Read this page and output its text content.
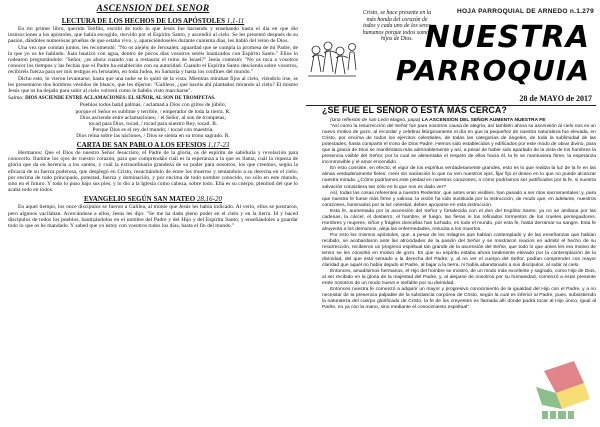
ASCENSIÓN DEL SEÑOR
LECTURA DE LOS HECHOS DE LOS APÓSTOLES 1,1-11

En mi primer libro, querido Teófilo, escribí de todo lo que Jesús fue haciendo y enseñando hasta el día en que dio instrucciones a los apóstoles, que había escogido, movido por el Espíritu Santo, y ascendió al cielo. Se les presentó después de su pasión, dándoles numerosas pruebas de que estaba vivo, y, apareciéndoseles durante cuarenta días, les habló del reino de Dios.

Una vez que comían juntos, les recomendó: "No os alejéis de Jerusalén; aguardad que se cumpla la promesa de mi Padre, de la que yo os he hablado. Juan bautizó con agua, dentro de pocos días vosotros seréis bautizados con Espíritu Santo." Ellos lo rodearon preguntándole: "Señor, ¿es ahora cuando vas a restaurar el reino de Israel?" Jesús contestó: "No os toca a vosotros conocer los tiempos y las fechas que el Padre ha establecido con su autoridad. Cuando el Espíritu Santo descienda sobre vosotros, recibiréis fuerza para ser mis testigos en Jerusalén, en toda Judea, en Samaría y hasta los confines del mundo."

Dicho esto, lo vieron levantarse, hasta que una nube se lo quitó de la vista. Mientras miraban fijos al cielo, viéndolo irse, se les presentaron dos hombres vestidos de blanco, que les dijeron: "Galileos, ¿qué hacéis ahí plantados mirando al cielo? El mismo Jesús que os ha dejado para subir al cielo volverá como le habéis visto marcharse".

Salmo: DIOS ASCIENDE ENTRE ACLAMACIONES; EL SEÑOR, AL SON DE TROMPETAS.

Pueblos todos batid palmas, / aclamad a Dios con gritos de júbilo;

porque el Señor es sublime y terrible, / emperador de toda la tierra. R.

Dios asciende entre aclamaciones; / el Señor, al son de trompetas;

tocad para Dios, tocad, / tocad para nuestro Rey, tocad. R.

Porque Dios es el rey del mundo; / tocad con maestría.

Dios reina sobre las naciones, / Dios se sienta en su trono sagrado. R.

CARTA DE SAN PABLO A LOS EFESIOS 1,17-23

Hermanos: Que el Dios de nuestro Señor Jesucristo, el Padre de la gloria, os dé espíritu de sabiduría y revelación para conocerlo. Ilumine los ojos de vuestro corazón, para que comprendáis cuál es la esperanza a la que os llama, cuál la riqueza de gloria que da en herencia a los santos, y cuál la extraordinaria grandeza de su poder para nosotros, los que creemos, según la eficacia de su fuerza poderosa, que desplegó en Cristo, resucitándolo de entre los muertos y sentándolo a su derecha en el cielo, por encima de todo principado, potestad, fuerza y dominación, y por encima de todo nombre conocido, no sólo en este mundo, sino en el futuro. Y todo lo puso bajo sus pies, y lo dio a la Iglesia como cabeza, sobre todo. Ella es su cuerpo, plenitud del que lo acaba todo en todos.

EVANGELIO SEGÚN SAN MATEO 28,16-20

En aquel tiempo, los once discípulos se fueron a Galilea, al monte que Jesús les había indicado. Al verlo, ellos se postraron, pero algunos vacilaban. Acercándose a ellos, Jesús les dijo: "Se me ha dado pleno poder en el cielo y en la tierra. Id y haced discípulos de todos los pueblos, bautizándolos en el nombre del Padre y del Hijo y del Espíritu Santo; y enseñándoles a guardar todo lo que os he mandado. Y sabed que yo estoy con vosotros todos los días, hasta el fin del mundo."

Cristo, se hace presente en la más honda del corazón de todos y cada uno de los seres humanos porque todos somos hijos de Dios.
HOJA PARROQUIAL DE ARNEDO n.1.279
NUESTRA
PARROQUIA
28 de MAYO de 2017
¿SE FUE EL SEÑOR O ESTÁ MÁS CERCA?

(Una reflexión de san León Magno, papa) LA ASCENSIÓN DEL SEÑOR AUMENTA NUESTRA FE

"Así como la resurrección del Señor fue para nosotros causa de alegría, así también ahora su ascensión al cielo nos es un nuevo motivo de gozo, al recordar y celebrar litúrgicamente el día en que la pequeñez de nuestra naturaleza fue elevada, en Cristo, por encima de todos los ejércitos celestiales, de todas las categorías de ángeles, de toda la sublimidad de las potestades, hasta compartir el trono de Dios Padre. Hemos sido establecidos y edificados por este modo de obrar divino, para que la gracia de Dios se manifestara más admirablemente y así, a pesar de haber sido apartado de la vista de los hombres la presencia visible del Señor, por la cual se alimentaba el respeto de ellos hacia él, la fe se mantuviera firme, la esperanza inconmovible y el amor encendido.

En esto consiste, en efecto, el vigor de los espíritus verdaderamente grandes, esto es lo que realiza la luz de la fe en las almas verdaderamente fieles: creer sin vacilación lo que no ven nuestros ojos, fijar fijo el deseo en lo que no puede alcanzar nuestra mirada. ¿Cómo podríamos este piedad en nuestros corazones, o cómo podríamos ser justificados por la fe, si nuestra salvación consistiera tan sólo en lo que nos es dado ver?

Así, todas las cosas referentes a nuestro Redentor, que antes eran visibles, han pasado a ser ritos sacramentales; y, para que nuestra fe fuese más firme y valiosa, la visión ha sido sustituida por la instrucción, de modo que, en adelante, nuestros corazones, iluminados por la luz celestial, deben apoyarse en esta instrucción.

Esta fe, aumentada por la ascensión del Señor y fortalecida con el don del Espíritu Santo, ya no se amilana por las cadenas, la cárcel, el destierro, el hambre, el fuego, las fieras ni los refinados tormentos de los crueles perseguidores. Hombres y mujeres, niños y frágiles doncellas han luchado, en todo el mundo, por esta fe, hasta derramar su sangre. Esta fe ahuyenta a los demonios, aleja las enfermedades, resucita a los muertos.

Por esto los mismos apóstoles, que, a pesar de los milagros que habían contemplado y de las enseñanzas que habían recibido, se acobardaron ante las atrocidades de la pasión del Señor y se mostraron reacios en admitir el hecho de su resurrección, recibieron un progreso espiritual tan grande de la ascensión del Señor, que todo lo que antes les era motivo de temor se les convirtió en motivo de gozo. Es que su espíritu estaba ahora totalmente elevado por la contemplación de la divinidad, del que está sentado a la derecha del Padre; y, al no ver el cuerpo del Señor, podían comprender con mayor claridad que aquél no había dejado al Padre, al bajar a la tierra, ni había abandonado a sus discípulos, al subir al cielo.

Entonces, amadísimos hermanos, el Hijo del hombre se mostró, de un modo más excelente y sagrado, como Hijo de Dios, al ser recibido en la gloria de la majestad del Padre, y, al alejarse de nosotros por su humanidad, comenzó a estar presente entre nosotros de un modo nuevo e inefable por su divinidad.

Entonces nuestra fe comenzó a adquirir un mayor y progresivo conocimiento de la igualdad del Hijo con el Padre, y a no necesitar de la presencia palpable de la substancia corpórea de Cristo, según la cual es inferior al Padre, pues, subsistiendo la naturaleza del cuerpo glorificado de Cristo, la fe de los creyentes es llamada allí donde podrá tocar al Hijo único, igual al Padre, no ya con la mano, sino mediante el conocimiento espiritual".
